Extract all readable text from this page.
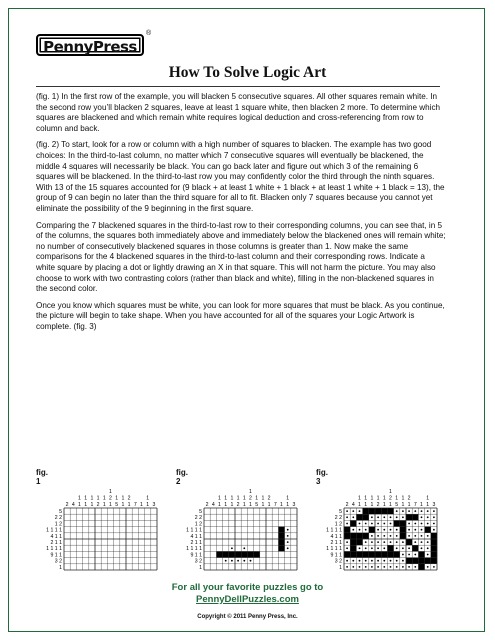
PennyPress
®
How To Solve Logic Art

(fig. 1) In the first row of the example, you will blacken 5 consecutive squares. All other squares remain white. In the second row you’ll blacken 2 squares, leave at least 1 square white, then blacken 2 more. To determine which squares are blackened and which remain white requires logical deduction and cross-referencing from row to column and back.

(fig. 2) To start, look for a row or column with a high number of squares to blacken. The example has two good choices: In the third-to-last column, no matter which 7 consecutive squares will eventually be blackened, the middle 4 squares will necessarily be black. You can go back later and figure out which 3 of the remaining 6 squares will be blackened. In the third-to-last row you may confidently color the third through the ninth squares. With 13 of the 15 squares accounted for (9 black + at least 1 white + 1 black + at least 1 white + 1 black = 13), the group of 9 can begin no later than the third square for all to fit. Blacken only 7 squares because you cannot yet eliminate the possibility of the 9 beginning in the first square.

Comparing the 7 blackened squares in the third-to-last row to their corresponding columns, you can see that, in 5 of the columns, the squares both immediately above and immediately below the blackened ones will remain white; no number of consecutively blackened squares in those columns is greater than 1. Now make the same comparisons for the 4 blackened squares in the third-to-last column and their corresponding rows. Indicate a white square by placing a dot or lightly drawing an X in that square. This will not harm the picture. You may also choose to work with two contrasting colors (rather than black and white), filling in the non-blackened squares in the second color.

Once you know which squares must be white, you can look for more squares that must be black. As you continue, the picture will begin to take shape. When you have accounted for all of the squares your Logic Artwork is complete. (fig. 3)

fig. 1
2 4
1
1
1
1
1
1
1
2
1
1
1
2
1
1
5
1
1
2
1 7 1
1
1 3
5
2 2
1 2
1 1 1 1
4 1 1
2 1 1
1 1 1 1
9 1 1
3 2
1
fig. 2
2 4
1
1
1
1
1
1
1
2
1
1
1
2
1
1
5
1
1
2
1 7 1
1
1 3
5
2 2
1 2
1 1 1 1
4 1 1
2 1 1
1 1 1 1
9 1 1
3 2
1
fig. 3
2 4
1
1
1
1
1
1
1
2
1
1
1
2
1
1
5
1
1
2
1 7 1
1
1 3
5
2 2
1 2
1 1 1 1
4 1 1
2 1 1
1 1 1 1
9 1 1
3 2
1
For all your favorite puzzles go to
PennyDellPuzzles.com
Copyright © 2011 Penny Press, Inc.
